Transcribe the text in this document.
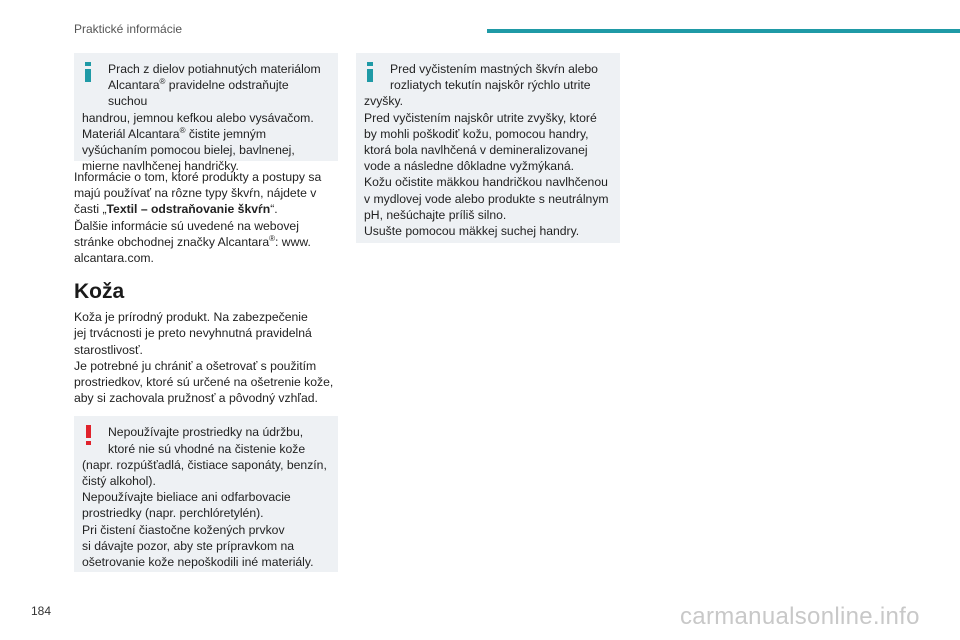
Praktické informácie

Prach z dielov potiahnutých materiálom

Alcantara® pravidelne odstraňujte suchou

handrou, jemnou kefkou alebo vysávačom.

Materiál Alcantara® čistite jemným

vyšúchaním pomocou bielej, bavlnenej,

mierne navlhčenej handričky.

Informácie o tom, ktoré produkty a postupy sa

majú používať na rôzne typy škvŕn, nájdete v

časti „Textil – odstraňovanie škvŕn“.

Ďalšie informácie sú uvedené na webovej

stránke obchodnej značky Alcantara®: www.

alcantara.com.

Koža

Koža je prírodný produkt. Na zabezpečenie

jej trvácnosti je preto nevyhnutná pravidelná

starostlivosť.

Je potrebné ju chrániť a ošetrovať s použitím

prostriedkov, ktoré sú určené na ošetrenie kože,

aby si zachovala pružnosť a pôvodný vzhľad.

Nepoužívajte prostriedky na údržbu,

ktoré nie sú vhodné na čistenie kože

(napr. rozpúšťadlá, čistiace saponáty, benzín,

čistý alkohol).

Nepoužívajte bieliace ani odfarbovacie

prostriedky (napr. perchlóretylén).

Pri čistení čiastočne kožených prvkov

si dávajte pozor, aby ste prípravkom na

ošetrovanie kože nepoškodili iné materiály.

Pred vyčistením mastných škvŕn alebo

rozliatych tekutín najskôr rýchlo utrite

zvyšky.

Pred vyčistením najskôr utrite zvyšky, ktoré

by mohli poškodiť kožu, pomocou handry,

ktorá bola navlhčená v demineralizovanej

vode a následne dôkladne vyžmýkaná.

Kožu očistite mäkkou handričkou navlhčenou

v mydlovej vode alebo produkte s neutrálnym

pH, nešúchajte príliš silno.

Usušte pomocou mäkkej suchej handry.

184	carmanualsonline.info
